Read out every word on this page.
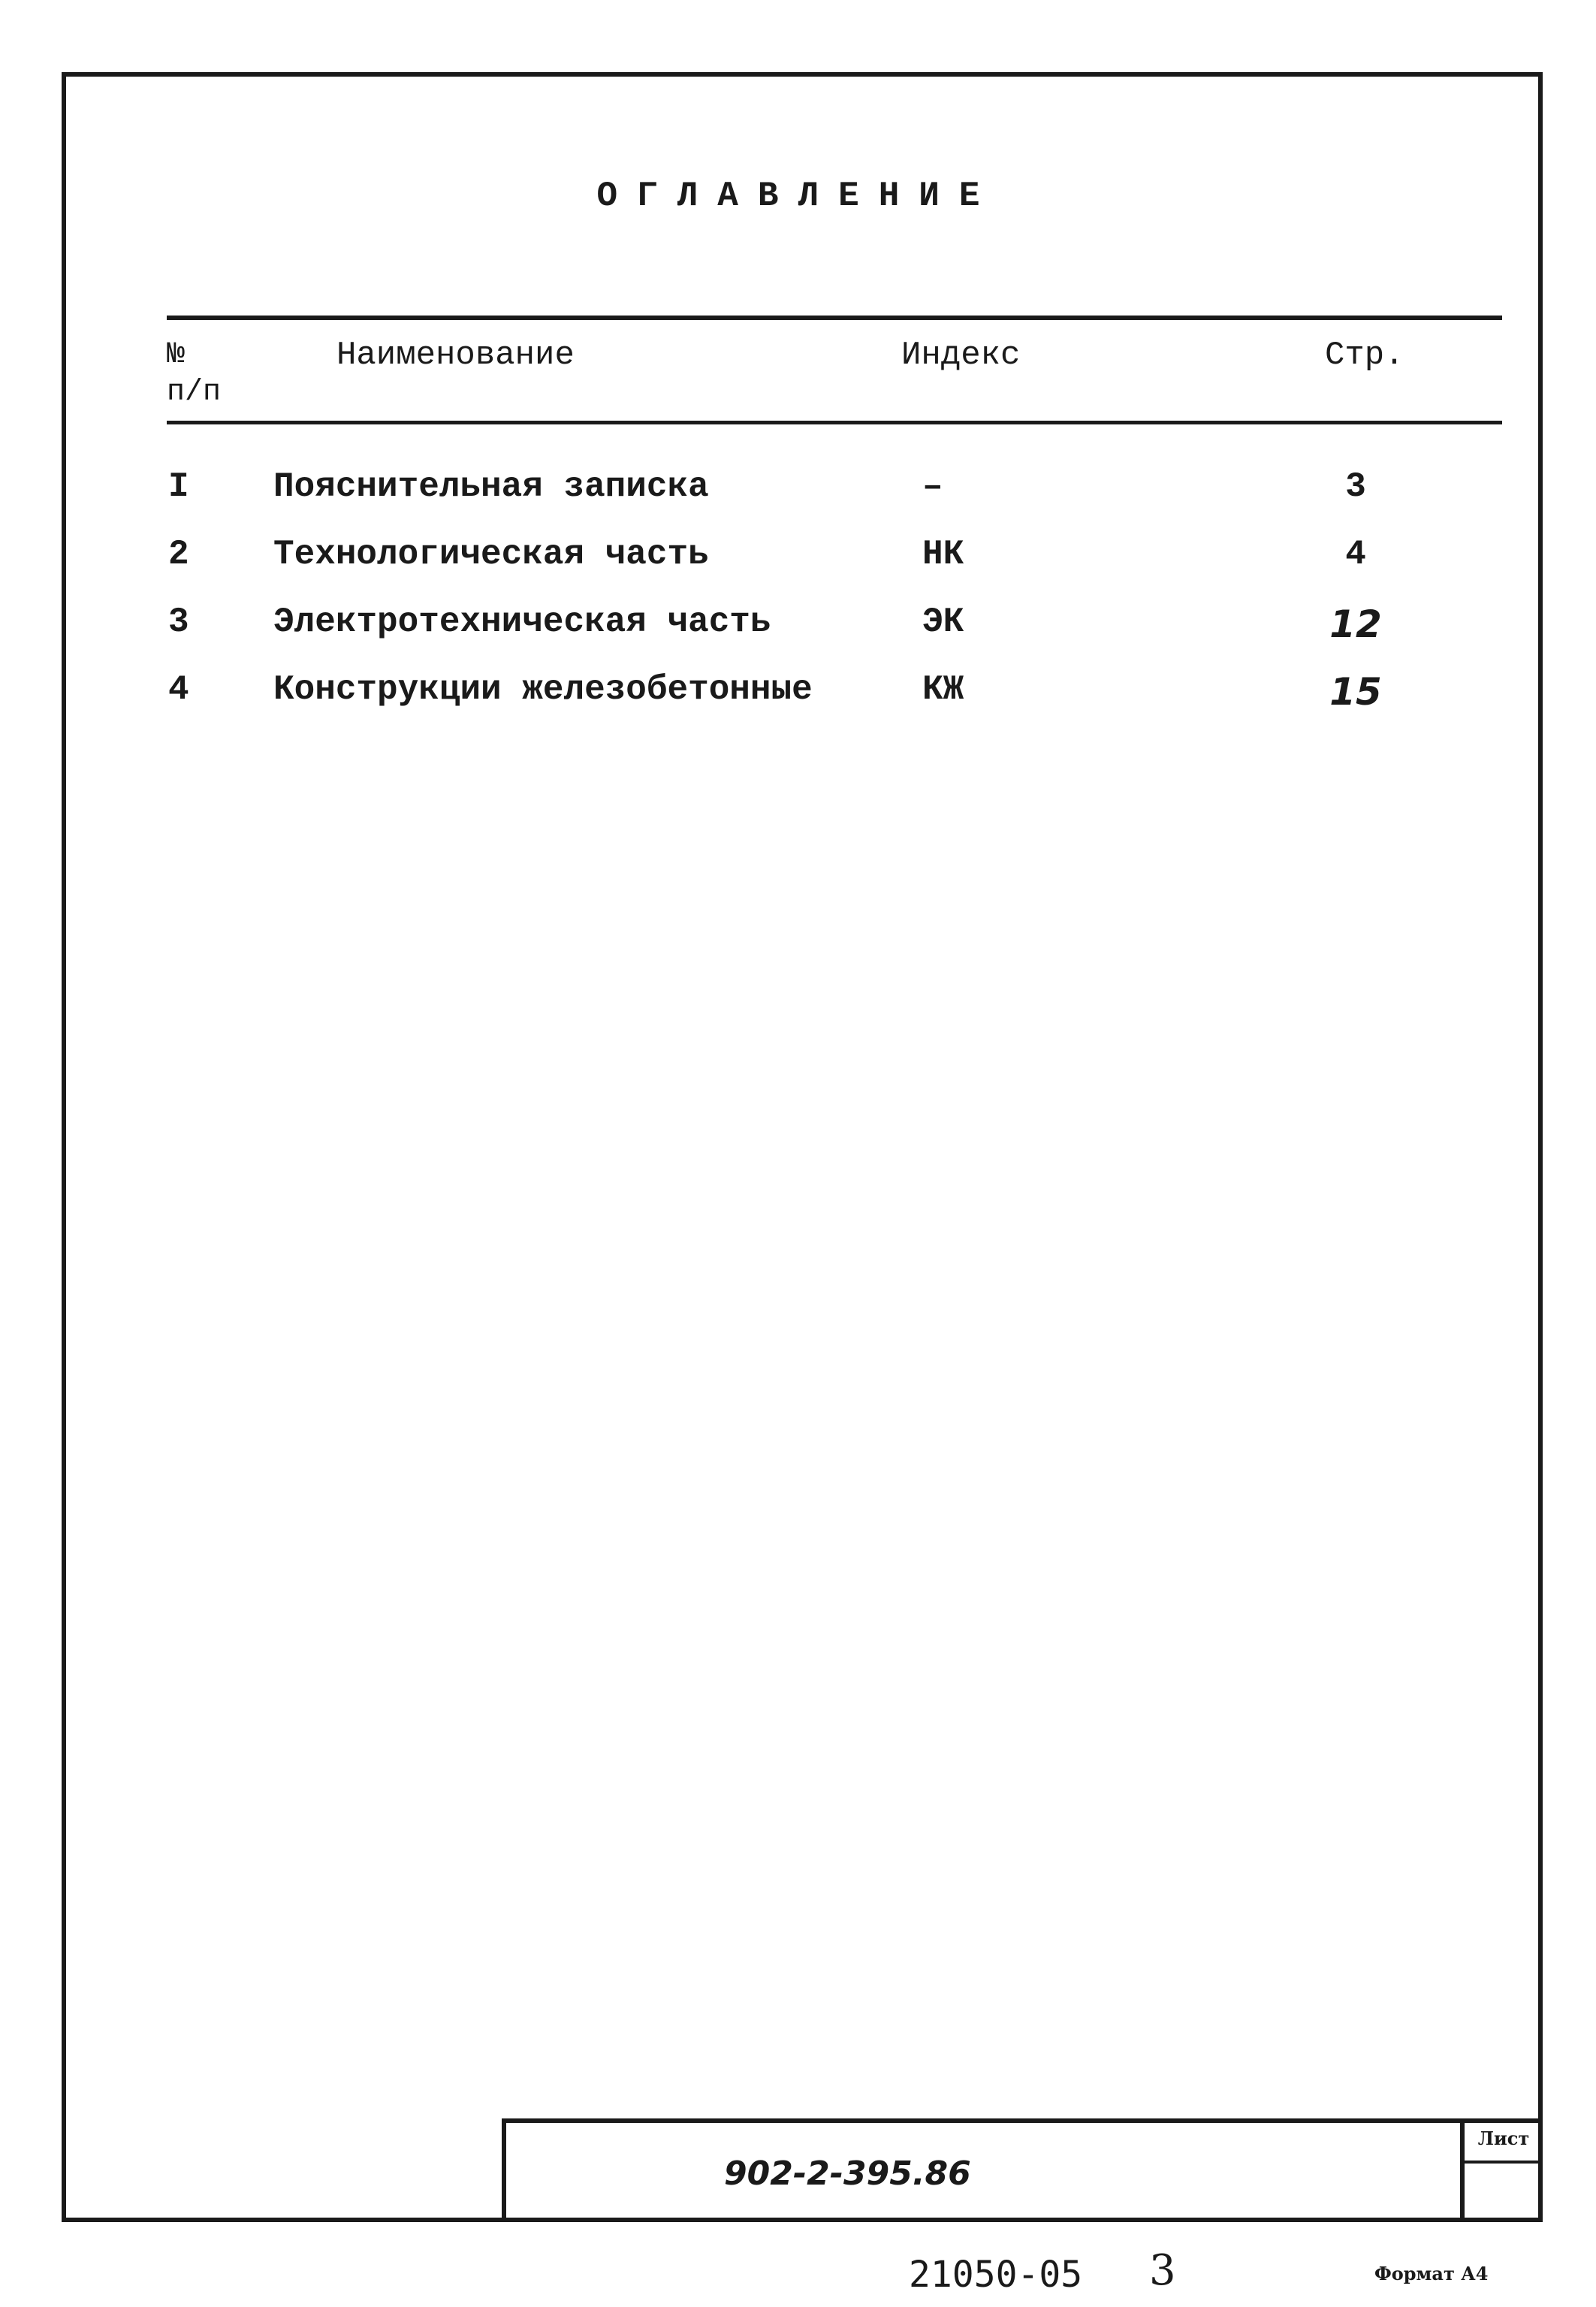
ОГЛАВЛЕНИЕ
№
п/п
Наименование	Индекс	Стр.
I Пояснительная записка	–	3
2 Технологическая часть	НК	4
3 Электротехническая часть	ЭК	12
4 Конструкции железобетонные	КЖ	15
902-2-395.86
Лист
21050-05 3	Формат А4
